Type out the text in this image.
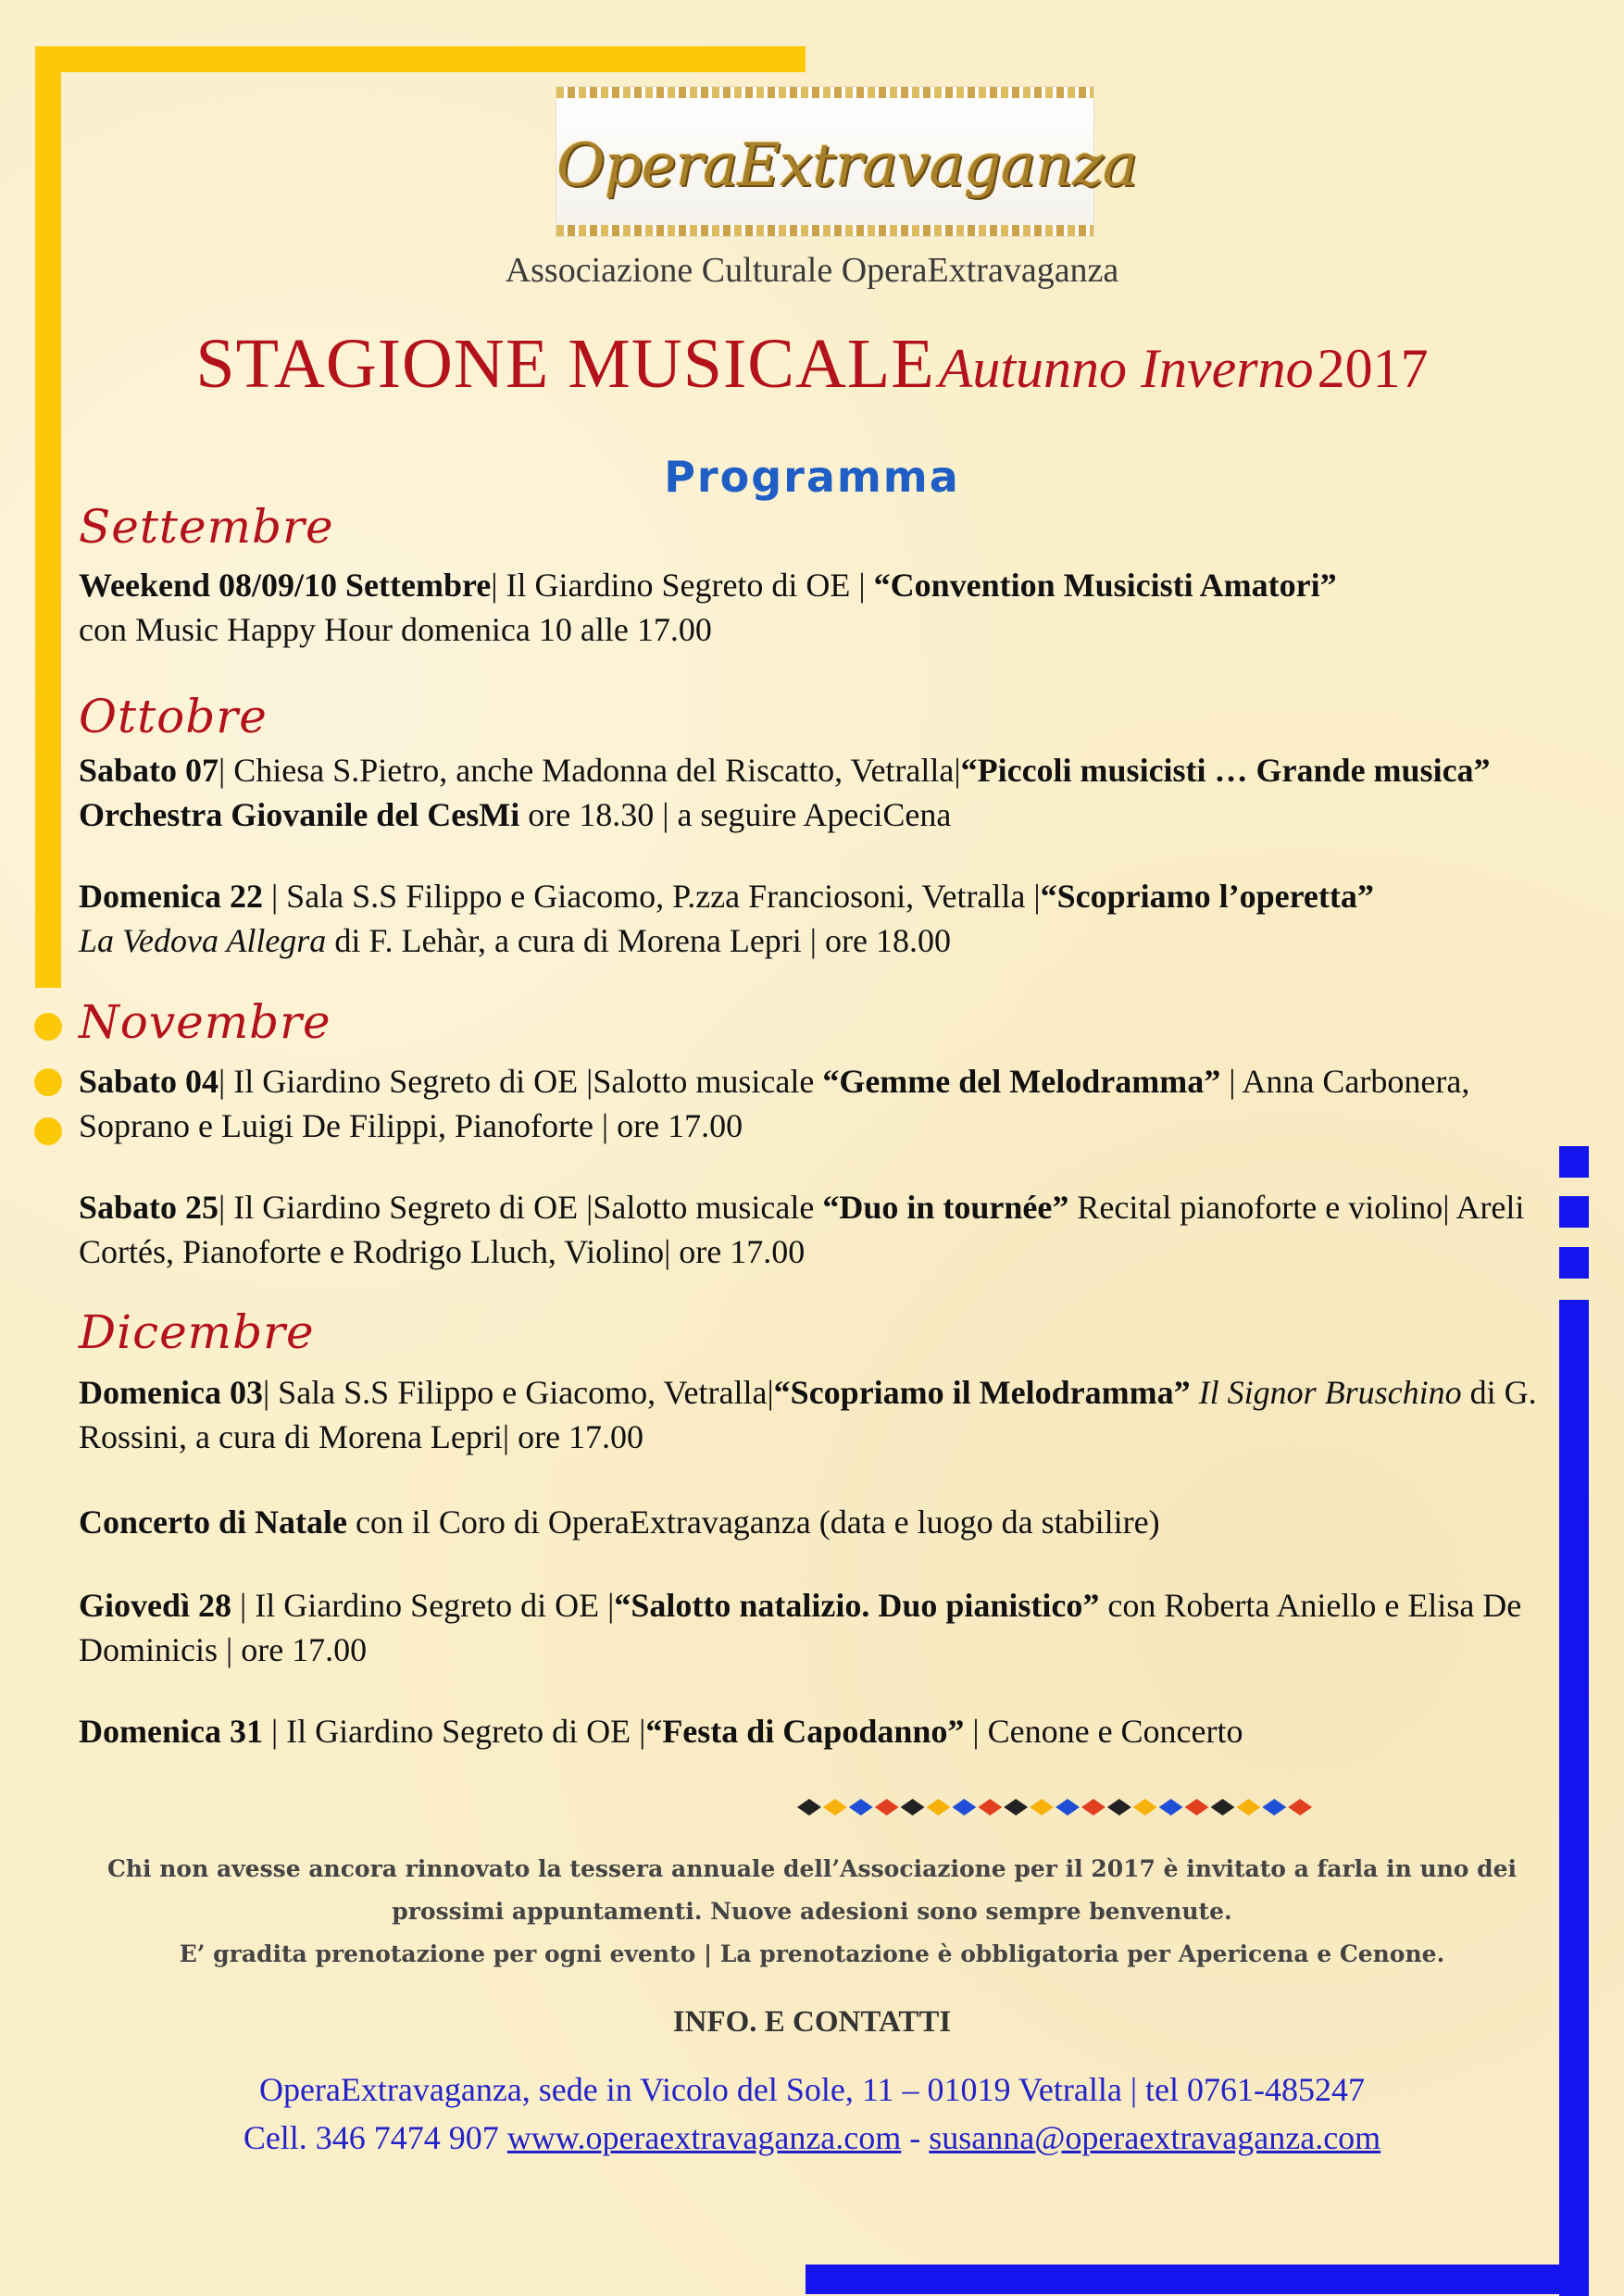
OperaExtravaganza
Associazione Culturale OperaExtravaganza
STAGIONE MUSICALE Autunno Inverno 2017
Programma
Settembre
Weekend 08/09/10 Settembre| Il Giardino Segreto di OE | “Convention Musicisti Amatori”
con Music Happy Hour domenica 10 alle 17.00
Ottobre
Sabato 07| Chiesa S.Pietro, anche Madonna del Riscatto, Vetralla|“Piccoli musicisti … Grande musica” Orchestra Giovanile del CesMi ore 18.30 | a seguire ApeciCena
Domenica 22 | Sala S.S Filippo e Giacomo, P.zza Franciosoni, Vetralla |“Scopriamo l’operetta”
La Vedova Allegra di F. Lehàr, a cura di Morena Lepri | ore 18.00
Novembre
Sabato 04| Il Giardino Segreto di OE |Salotto musicale “Gemme del Melodramma” | Anna Carbonera, Soprano e Luigi De Filippi, Pianoforte | ore 17.00
Sabato 25| Il Giardino Segreto di OE |Salotto musicale “Duo in tournée” Recital pianoforte e violino| Areli Cortés, Pianoforte e Rodrigo Lluch, Violino| ore 17.00
Dicembre
Domenica 03| Sala S.S Filippo e Giacomo, Vetralla|“Scopriamo il Melodramma” Il Signor Bruschino di G. Rossini, a cura di Morena Lepri| ore 17.00
Concerto di Natale con il Coro di OperaExtravaganza (data e luogo da stabilire)
Giovedì 28 | Il Giardino Segreto di OE |“Salotto natalizio. Duo pianistico” con Roberta Aniello e Elisa De Dominicis | ore 17.00
Domenica 31 | Il Giardino Segreto di OE |“Festa di Capodanno” | Cenone e Concerto
Chi non avesse ancora rinnovato la tessera annuale dell’Associazione per il 2017 è invitato a farla in uno dei
prossimi appuntamenti. Nuove adesioni sono sempre benvenute.
E’ gradita prenotazione per ogni evento | La prenotazione è obbligatoria per Apericena e Cenone.
INFO. E CONTATTI
OperaExtravaganza, sede in Vicolo del Sole, 11 – 01019 Vetralla | tel 0761-485247
Cell. 346 7474 907 www.operaextravaganza.com - susanna@operaextravaganza.com
